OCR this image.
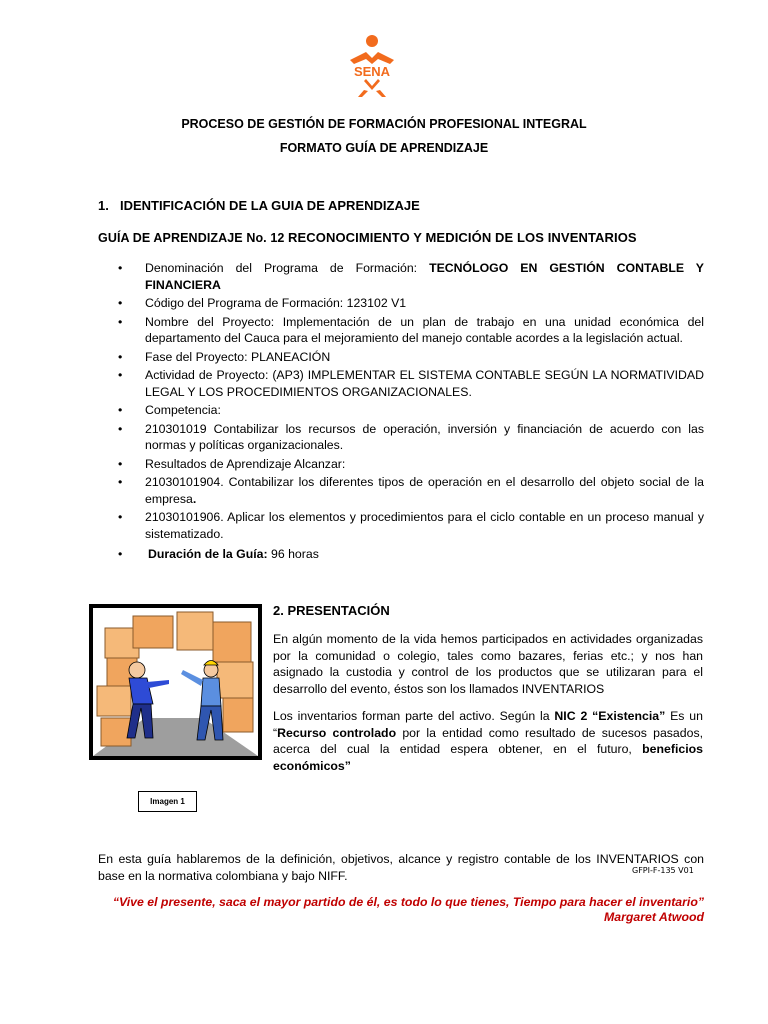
SENA
PROCESO DE GESTIÓN DE FORMACIÓN PROFESIONAL INTEGRAL
FORMATO GUÍA DE APRENDIZAJE
1. IDENTIFICACIÓN DE LA GUIA DE APRENDIZAJE
GUÍA DE APRENDIZAJE No. 12 RECONOCIMIENTO Y MEDICIÓN DE LOS INVENTARIOS
• Denominación del Programa de Formación: TECNÓLOGO EN GESTIÓN CONTABLE Y FINANCIERA
• Código del Programa de Formación: 123102 V1
• Nombre del Proyecto: Implementación de un plan de trabajo en una unidad económica del departamento del Cauca para el mejoramiento del manejo contable acordes a la legislación actual.
• Fase del Proyecto: PLANEACIÓN
• Actividad de Proyecto: (AP3) IMPLEMENTAR EL SISTEMA CONTABLE SEGÚN LA NORMATIVIDAD LEGAL Y LOS PROCEDIMIENTOS ORGANIZACIONALES.
• Competencia:
• 210301019 Contabilizar los recursos de operación, inversión y financiación de acuerdo con las normas y políticas organizacionales.
• Resultados de Aprendizaje Alcanzar:
• 21030101904. Contabilizar los diferentes tipos de operación en el desarrollo del objeto social de la empresa.
• 21030101906. Aplicar los elementos y procedimientos para el ciclo contable en un proceso manual y sistematizado.
• Duración de la Guía: 96 horas
Imagen 1
2. PRESENTACIÓN
En algún momento de la vida hemos participados en actividades organizadas por la comunidad o colegio, tales como bazares, ferias etc.; y nos han asignado la custodia y control de los productos que se utilizaran para el desarrollo del evento, éstos son los llamados INVENTARIOS
Los inventarios forman parte del activo. Según la NIC 2 “Existencia” Es un “Recurso controlado por la entidad como resultado de sucesos pasados, acerca del cual la entidad espera obtener, en el futuro, beneficios económicos”
En esta guía hablaremos de la definición, objetivos, alcance y registro contable de los INVENTARIOS con base en la normativa colombiana y bajo NIFF.	GFPI-F-135 V01
“Vive el presente, saca el mayor partido de él, es todo lo que tienes, Tiempo para hacer el inventario”
Margaret Atwood
